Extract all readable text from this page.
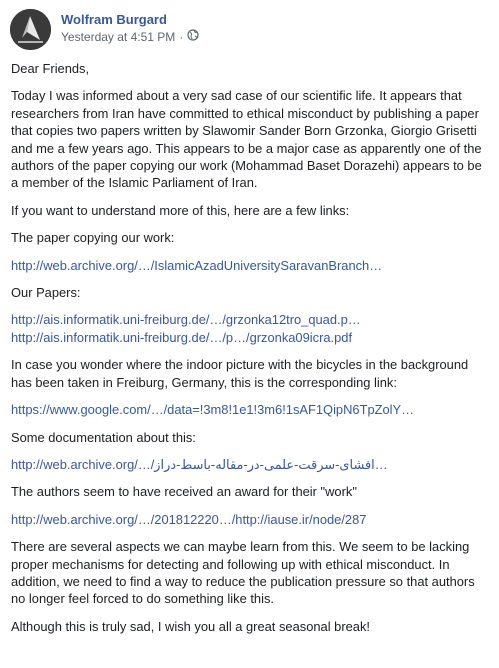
Wolfram Burgard
Yesterday at 4:51 PM ·

Dear Friends,

Today I was informed about a very sad case of our scientific life. It appears that researchers from Iran have committed to ethical misconduct by publishing a paper that copies two papers written by Slawomir Sander Born Grzonka, Giorgio Grisetti and me a few years ago. This appears to be a major case as apparently one of the authors of the paper copying our work (Mohammad Baset Dorazehi) appears to be a member of the Islamic Parliament of Iran.

If you want to understand more of this, here are a few links:

The paper copying our work:

http://web.archive.org/…/IslamicAzadUniversitySaravanBranch…

Our Papers:

http://ais.informatik.uni-freiburg.de/…/grzonka12tro_quad.p…
http://ais.informatik.uni-freiburg.de/…/p…/grzonka09icra.pdf

In case you wonder where the indoor picture with the bicycles in the background has been taken in Freiburg, Germany, this is the corresponding link:

https://www.google.com/…/data=!3m8!1e1!3m6!1sAF1QipN6TpZolY…

Some documentation about this:

http://web.archive.org/…/افشای-سرقت-علمی-در-مقاله-باسط-دراز…

The authors seem to have received an award for their "work"

http://web.archive.org/…/201812220…/http://iause.ir/node/287

There are several aspects we can maybe learn from this. We seem to be lacking proper mechanisms for detecting and following up with ethical misconduct. In addition, we need to find a way to reduce the publication pressure so that authors no longer feel forced to do something like this.

Although this is truly sad, I wish you all a great seasonal break!
